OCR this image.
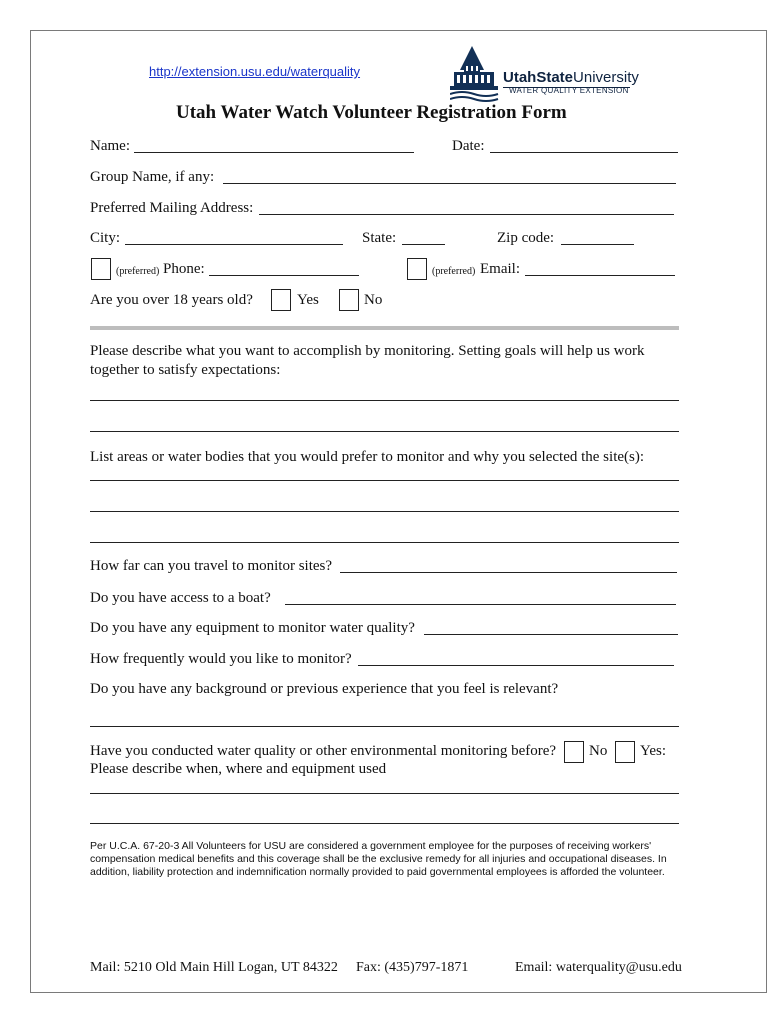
http://extension.usu.edu/waterquality	UtahStateUniversity
WATER QUALITY EXTENSION
Utah Water Watch Volunteer Registration Form
Name:	Date:
Group Name, if any:
Preferred Mailing Address:
City:	State:	Zip code:
(preferred) Phone:	(preferred) Email:
Are you over 18 years old?	Yes	No
Please describe what you want to accomplish by monitoring. Setting goals will help us work
together to satisfy expectations:
List areas or water bodies that you would prefer to monitor and why you selected the site(s):
How far can you travel to monitor sites?
Do you have access to a boat?
Do you have any equipment to monitor water quality?
How frequently would you like to monitor?
Do you have any background or previous experience that you feel is relevant?
Have you conducted water quality or other environmental monitoring before? No Yes:
Please describe when, where and equipment used
Per U.C.A. 67-20-3 All Volunteers for USU are considered a government employee for the purposes of receiving workers' compensation medical benefits and this coverage shall be the exclusive remedy for all injuries and occupational diseases. In addition, liability protection and indemnification normally provided to paid governmental employees is afforded the volunteer.
Mail: 5210 Old Main Hill Logan, UT 84322 Fax: (435)797-1871	Email: waterquality@usu.edu
